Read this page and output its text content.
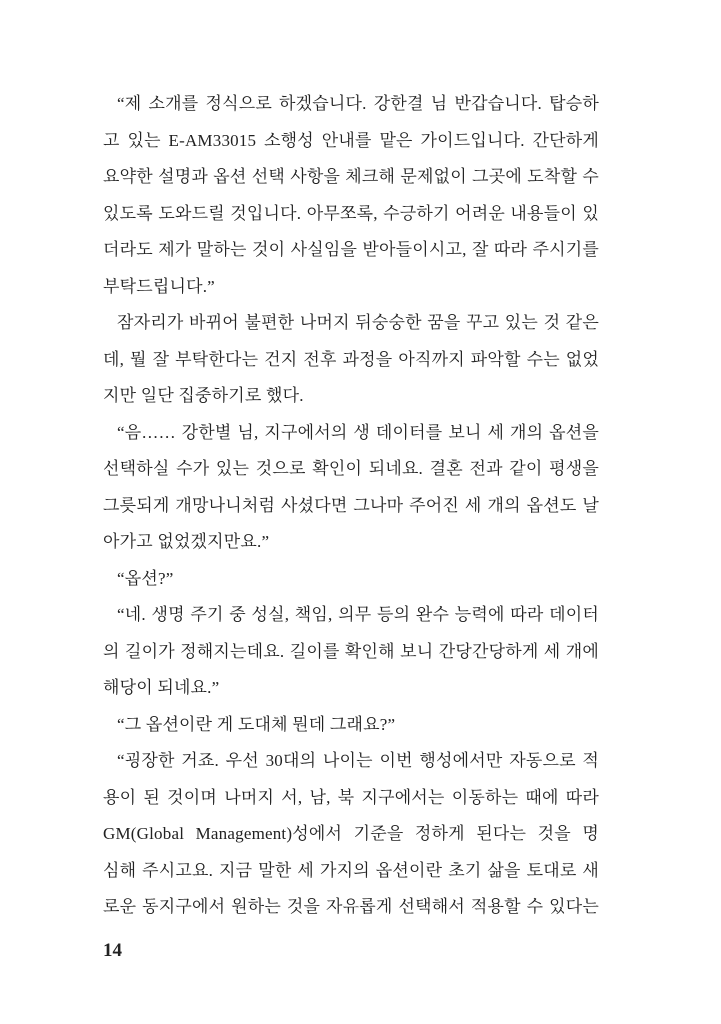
“제 소개를 정식으로 하겠습니다. 강한결 님 반갑습니다. 탑승하
고 있는 E-AM33015 소행성 안내를 맡은 가이드입니다. 간단하게
요약한 설명과 옵션 선택 사항을 체크해 문제없이 그곳에 도착할 수
있도록 도와드릴 것입니다. 아무쪼록, 수긍하기 어려운 내용들이 있
더라도 제가 말하는 것이 사실임을 받아들이시고, 잘 따라 주시기를
부탁드립니다.”
잠자리가 바뀌어 불편한 나머지 뒤숭숭한 꿈을 꾸고 있는 것 같은
데, 뭘 잘 부탁한다는 건지 전후 과정을 아직까지 파악할 수는 없었
지만 일단 집중하기로 했다.
“음…… 강한별 님, 지구에서의 생 데이터를 보니 세 개의 옵션을
선택하실 수가 있는 것으로 확인이 되네요. 결혼 전과 같이 평생을
그릇되게 개망나니처럼 사셨다면 그나마 주어진 세 개의 옵션도 날
아가고 없었겠지만요.”
“옵션?”
“네. 생명 주기 중 성실, 책임, 의무 등의 완수 능력에 따라 데이터
의 길이가 정해지는데요. 길이를 확인해 보니 간당간당하게 세 개에
해당이 되네요.”
“그 옵션이란 게 도대체 뭔데 그래요?”
“굉장한 거죠. 우선 30대의 나이는 이번 행성에서만 자동으로 적
용이 된 것이며 나머지 서, 남, 북 지구에서는 이동하는 때에 따라
GM(Global Management)성에서 기준을 정하게 된다는 것을 명
심해 주시고요. 지금 말한 세 가지의 옵션이란 초기 삶을 토대로 새
로운 동지구에서 원하는 것을 자유롭게 선택해서 적용할 수 있다는
14
